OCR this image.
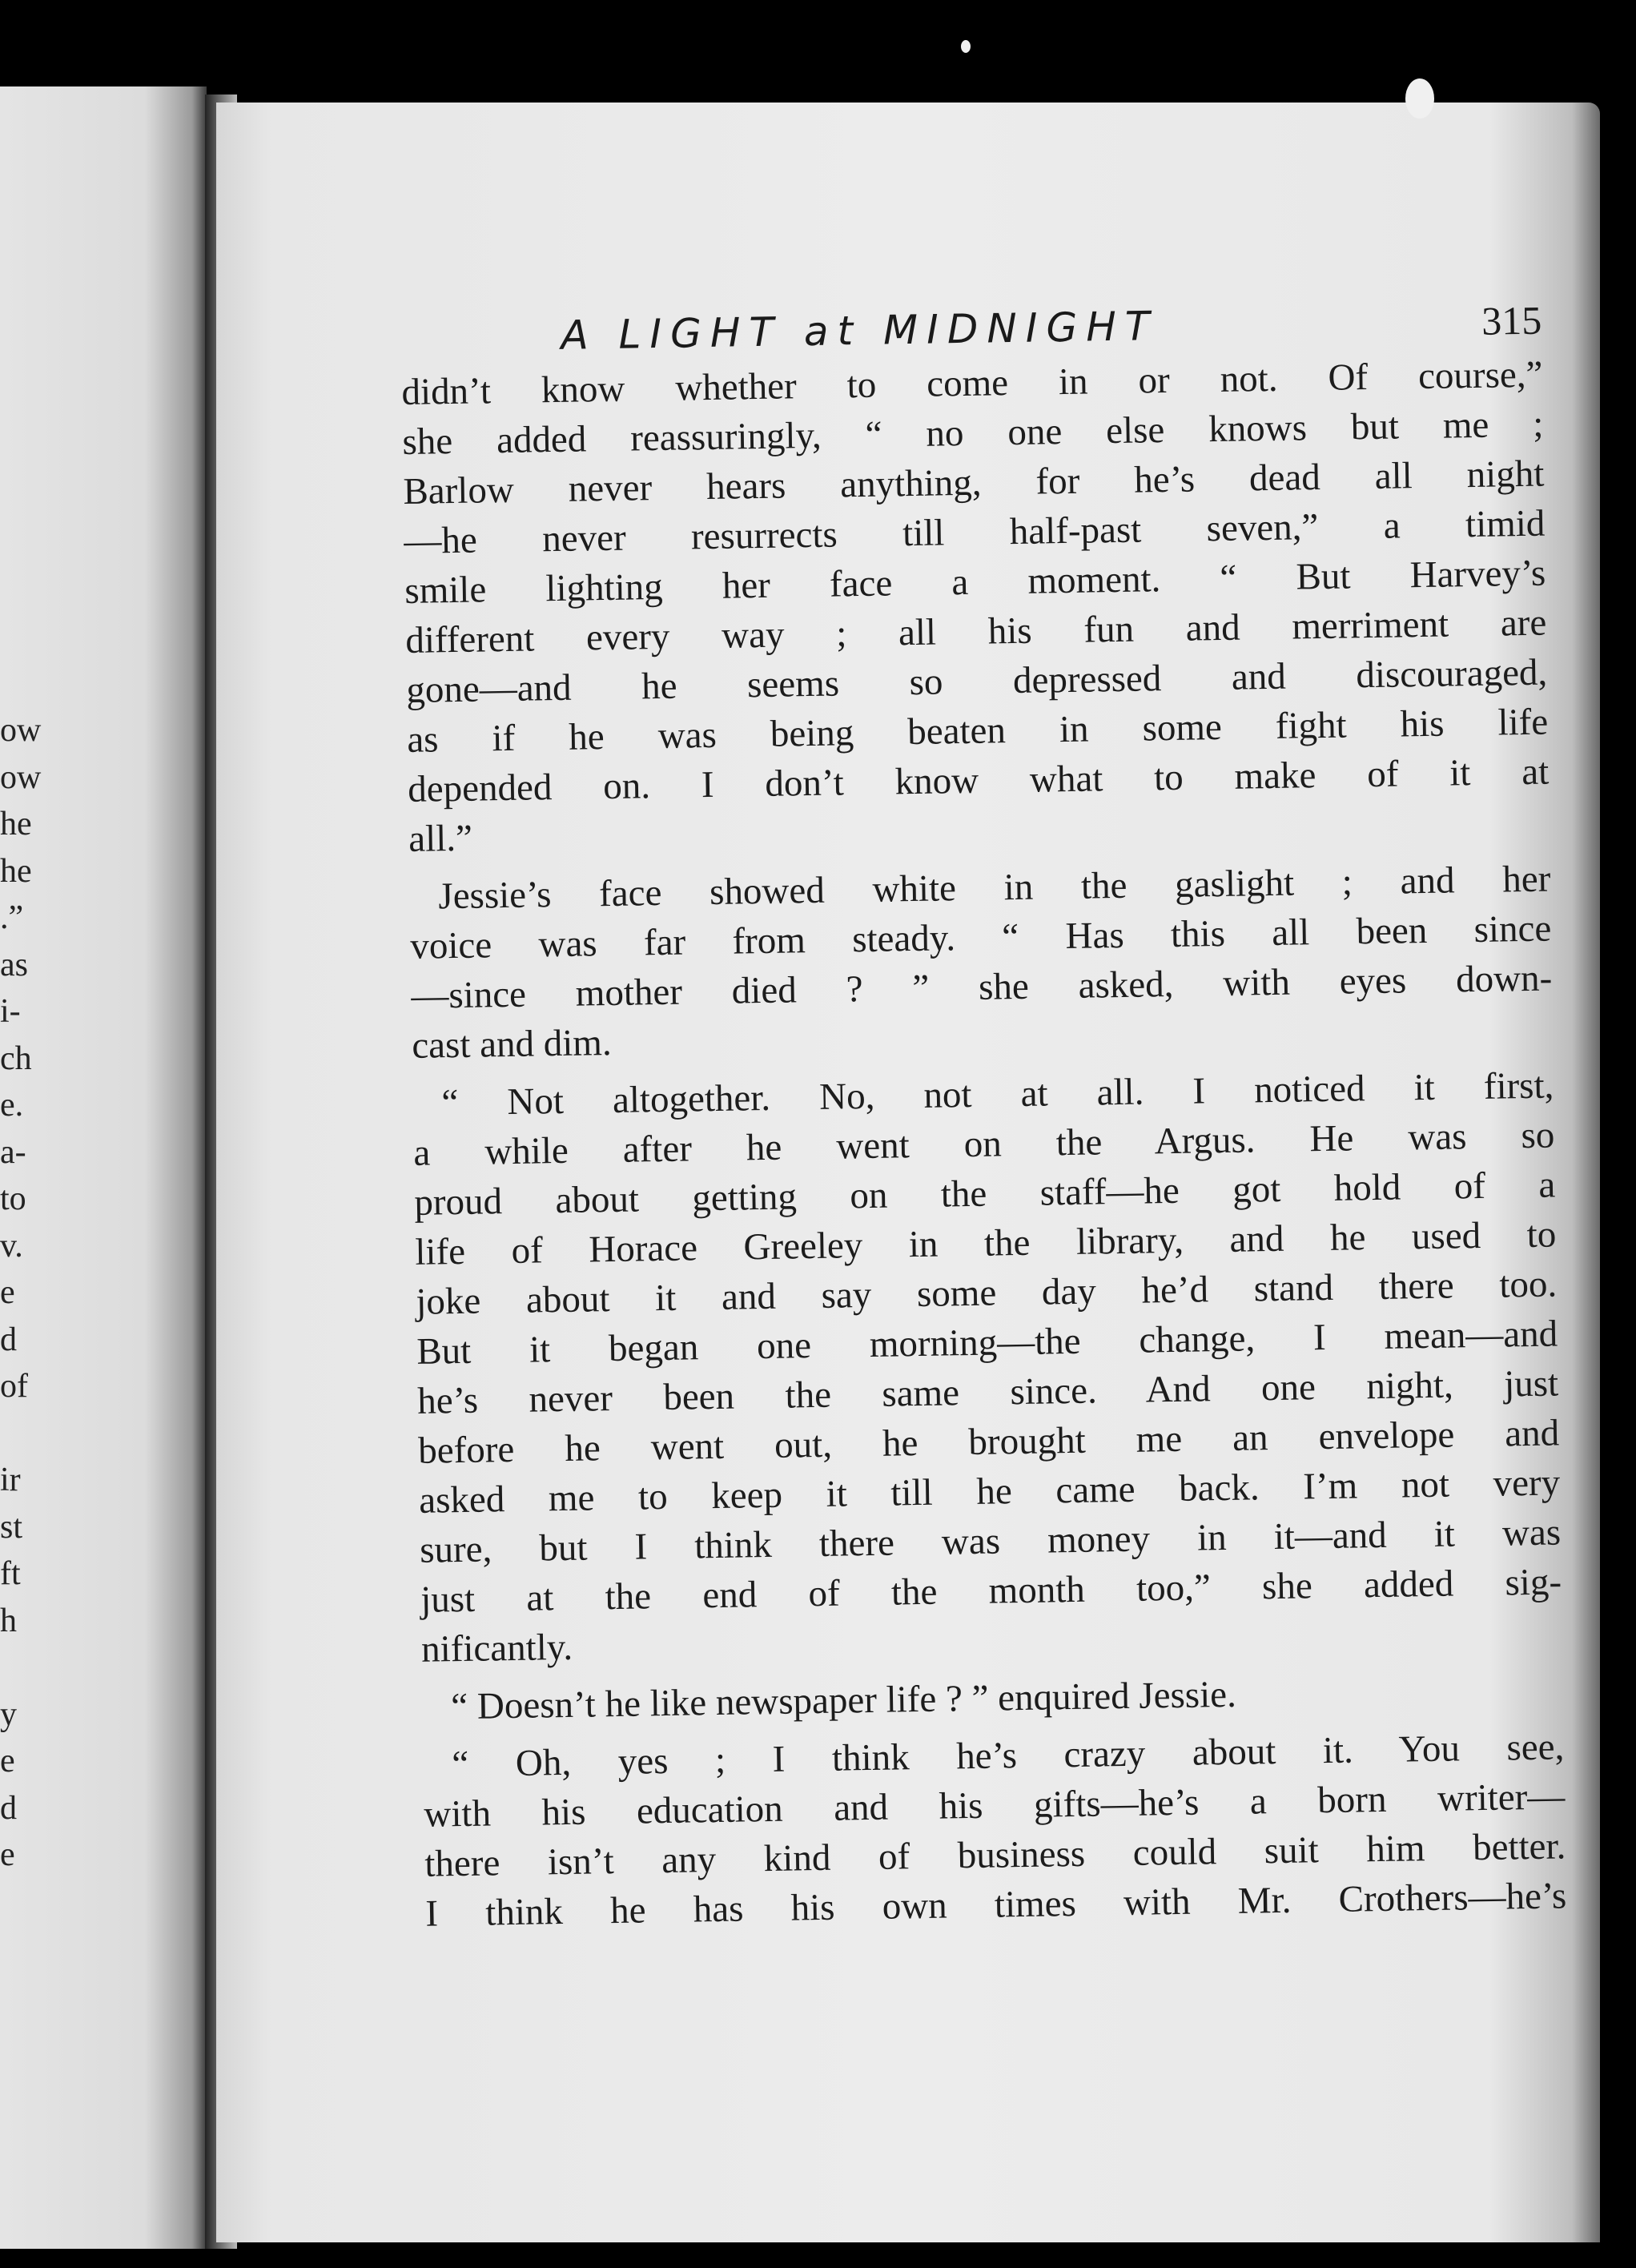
ow
ow
he
he
.”
as
i-
ch
e.
a-
to
v.
e
d
of
ir
st
ft
h
y
e
d
e
A LIGHT at MIDNIGHT	315
didn’t know whether to come in or not. Of course,”
she added reassuringly, “ no one else knows but me ;
Barlow never hears anything, for he’s dead all night
—he never resurrects till half-past seven,” a timid
smile lighting her face a moment. “ But Harvey’s
different every way ; all his fun and merriment are
gone—and he seems so depressed and discouraged,
as if he was being beaten in some fight his life
depended on. I don’t know what to make of it at
all.”
Jessie’s face showed white in the gaslight ; and her
voice was far from steady. “ Has this all been since
—since mother died ? ” she asked, with eyes down-
cast and dim.
“ Not altogether. No, not at all. I noticed it first,
a while after he went on the Argus. He was so
proud about getting on the staff—he got hold of a
life of Horace Greeley in the library, and he used to
joke about it and say some day he’d stand there too.
But it began one morning—the change, I mean—and
he’s never been the same since. And one night, just
before he went out, he brought me an envelope and
asked me to keep it till he came back. I’m not very
sure, but I think there was money in it—and it was
just at the end of the month too,” she added sig-
nificantly.
“ Doesn’t he like newspaper life ? ” enquired Jessie.
“ Oh, yes ; I think he’s crazy about it. You see,
with his education and his gifts—he’s a born writer—
there isn’t any kind of business could suit him better.
I think he has his own times with Mr. Crothers—he’s
